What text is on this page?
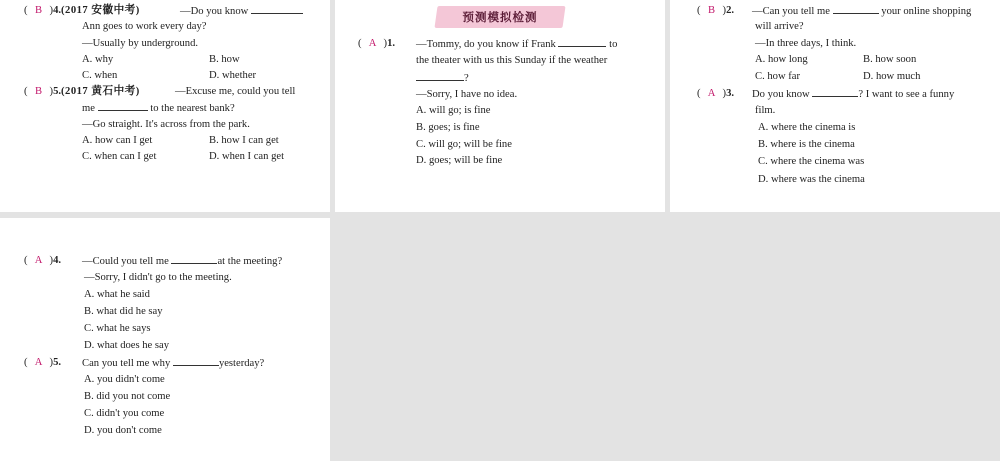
( B )4.(2017 安徽中考)	—Do you know
Ann goes to work every day?
—Usually by underground.
A. why	B. how
C. when	D. whether
( B )5.(2017 黄石中考)	—Excuse me, could you tell
me	to the nearest bank?
—Go straight. It's across from the park.
A. how can I get	B. how I can get
C. when can I get	D. when I can get
预测模拟检测
( A )1. —Tommy, do you know if Frank	to
the theater with us this Sunday if the weather
?
—Sorry, I have no idea.
A. will go; is fine
B. goes; is fine
C. will go; will be fine
D. goes; will be fine
( B )2. —Can you tell me	your online shopping
will arrive?
—In three days, I think.
A. how long	B. how soon
C. how far	D. how much
( A )3. Do you know	? I want to see a funny
film.
A. where the cinema is
B. where is the cinema
C. where the cinema was
D. where was the cinema
( A )4. —Could you tell me	at the meeting?
—Sorry, I didn't go to the meeting.
A. what he said
B. what did he say
C. what he says
D. what does he say
( A )5. Can you tell me why	yesterday?
A. you didn't come
B. did you not come
C. didn't you come
D. you don't come
